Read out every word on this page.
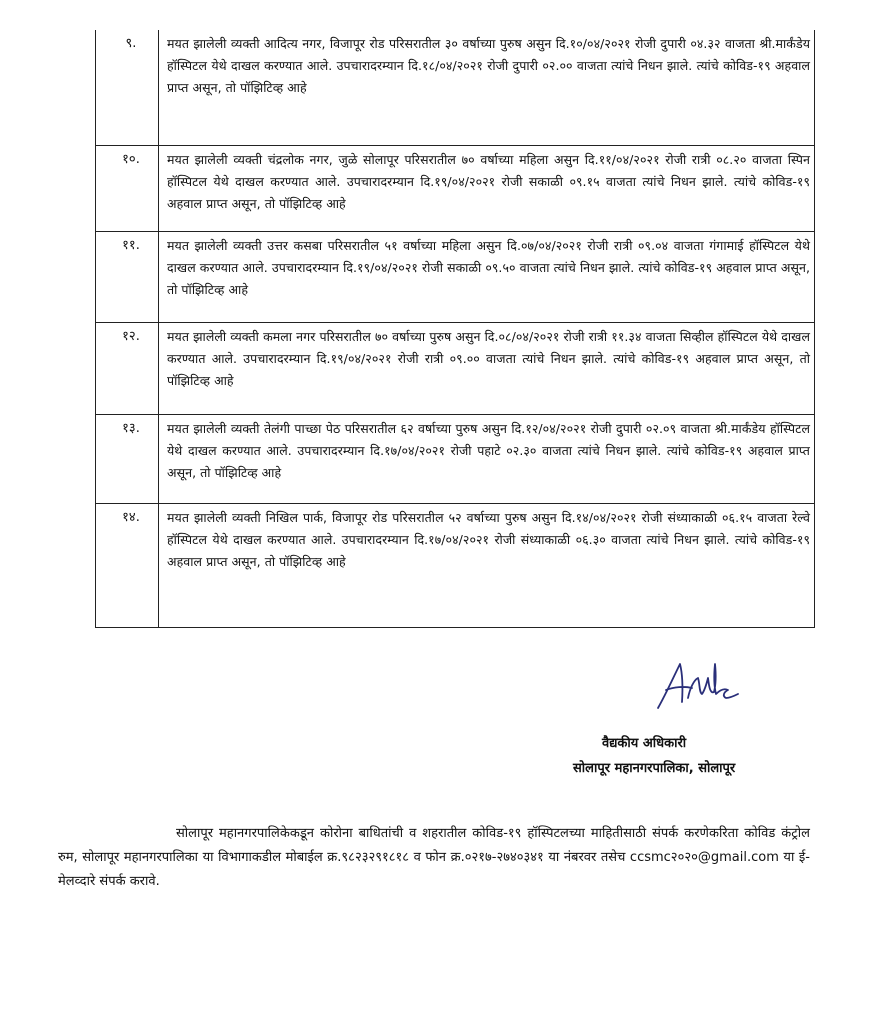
९.	मयत झालेली व्यक्ती आदित्य नगर, विजापूर रोड परिसरातील ३० वर्षाच्या पुरुष असुन दि.१०/०४/२०२१ रोजी दुपारी ०४.३२ वाजता श्री.मार्कंडेय हॉस्पिटल येथे दाखल करण्यात आले. उपचारादरम्यान दि.१८/०४/२०२१ रोजी दुपारी ०२.०० वाजता त्यांचे निधन झाले. त्यांचे कोविड-१९ अहवाल प्राप्त असून, तो पॉझिटिव्ह आहे

१०.	मयत झालेली व्यक्ती चंद्रलोक नगर, जुळे सोलापूर परिसरातील ७० वर्षाच्या महिला असुन दि.११/०४/२०२१ रोजी रात्री ०८.२० वाजता स्पिन हॉस्पिटल येथे दाखल करण्यात आले. उपचारादरम्यान दि.१९/०४/२०२१ रोजी सकाळी ०९.१५ वाजता त्यांचे निधन झाले. त्यांचे कोविड-१९ अहवाल प्राप्त असून, तो पॉझिटिव्ह आहे

११.	मयत झालेली व्यक्ती उत्तर कसबा परिसरातील ५१ वर्षाच्या महिला असुन दि.०७/०४/२०२१ रोजी रात्री ०९.०४ वाजता गंगामाई हॉस्पिटल येथे दाखल करण्यात आले. उपचारादरम्यान दि.१९/०४/२०२१ रोजी सकाळी ०९.५० वाजता त्यांचे निधन झाले. त्यांचे कोविड-१९ अहवाल प्राप्त असून, तो पॉझिटिव्ह आहे

१२.	मयत झालेली व्यक्ती कमला नगर परिसरातील ७० वर्षाच्या पुरुष असुन दि.०८/०४/२०२१ रोजी रात्री ११.३४ वाजता सिव्हील हॉस्पिटल येथे दाखल करण्यात आले. उपचारादरम्यान दि.१९/०४/२०२१ रोजी रात्री ०९.०० वाजता त्यांचे निधन झाले. त्यांचे कोविड-१९ अहवाल प्राप्त असून, तो पॉझिटिव्ह आहे

१३.	मयत झालेली व्यक्ती तेलंगी पाच्छा पेठ परिसरातील ६२ वर्षाच्या पुरुष असुन दि.१२/०४/२०२१ रोजी दुपारी ०२.०९ वाजता श्री.मार्कंडेय हॉस्पिटल येथे दाखल करण्यात आले. उपचारादरम्यान दि.१७/०४/२०२१ रोजी पहाटे ०२.३० वाजता त्यांचे निधन झाले. त्यांचे कोविड-१९ अहवाल प्राप्त असून, तो पॉझिटिव्ह आहे

१४.	मयत झालेली व्यक्ती निखिल पार्क, विजापूर रोड परिसरातील ५२ वर्षाच्या पुरुष असुन दि.१४/०४/२०२१ रोजी संध्याकाळी ०६.१५ वाजता रेल्वे हॉस्पिटल येथे दाखल करण्यात आले. उपचारादरम्यान दि.१७/०४/२०२१ रोजी संध्याकाळी ०६.३० वाजता त्यांचे निधन झाले. त्यांचे कोविड-१९ अहवाल प्राप्त असून, तो पॉझिटिव्ह आहे
वैद्यकीय अधिकारी
सोलापूर महानगरपालिका, सोलापूर
सोलापूर महानगरपालिकेकडून कोरोना बाधितांची व शहरातील कोविड-१९ हॉस्पिटलच्या माहितीसाठी संपर्क करणेकरिता कोविड कंट्रोल रुम, सोलापूर महानगरपालिका या विभागाकडील मोबाईल क्र.९८२३२९१८१८ व फोन क्र.०२१७-२७४०३४१ या नंबरवर तसेच ccsmc२०२०@gmail.com या ई-मेलव्दारे संपर्क करावे.
